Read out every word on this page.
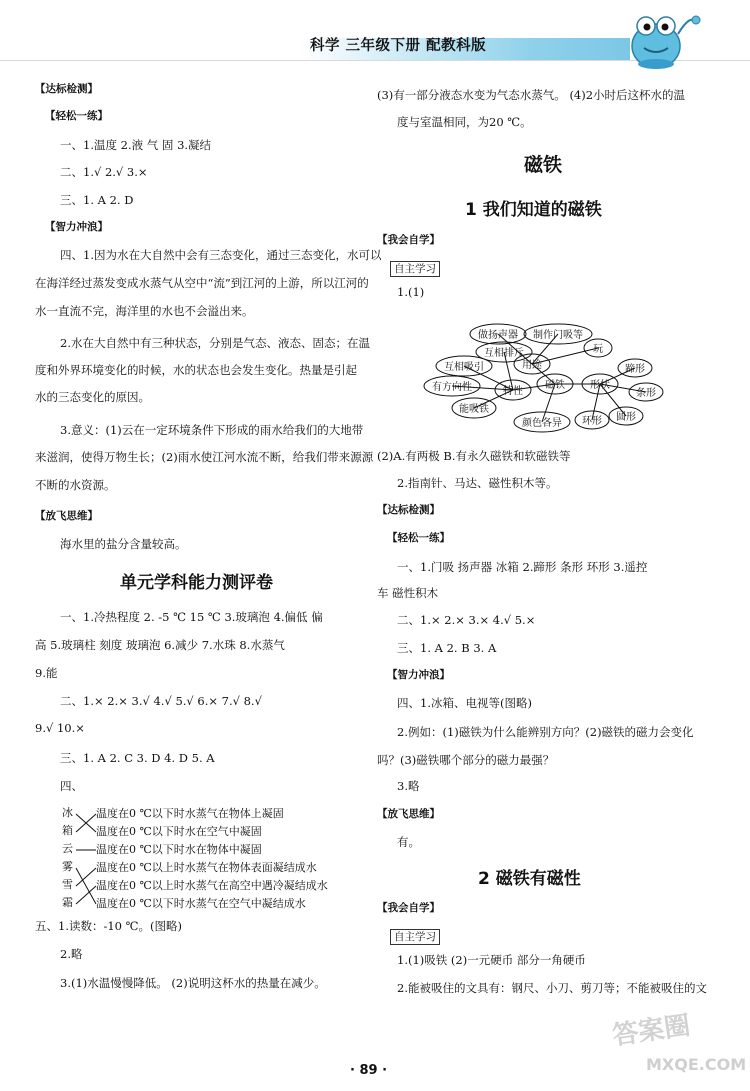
科学 三年级下册 配教科版
【达标检测】
【轻松一练】
一、1.温度 2.液 气 固 3.凝结
二、1.√ 2.√ 3.×
三、1. A 2. D
【智力冲浪】
四、1.因为水在大自然中会有三态变化，通过三态变化，水可以
在海洋经过蒸发变成水蒸气从空中“流”到江河的上游，所以江河的
水一直流不完，海洋里的水也不会溢出来。
2.水在大自然中有三种状态，分别是气态、液态、固态；在温
度和外界环境变化的时候，水的状态也会发生变化。热量是引起
水的三态变化的原因。
3.意义：(1)云在一定环境条件下形成的雨水给我们的大地带
来滋润，使得万物生长；(2)雨水使江河水流不断，给我们带来源源
不断的水资源。
【放飞思维】
海水里的盐分含量较高。
单元学科能力测评卷
一、1.冷热程度 2. -5 ℃ 15 ℃ 3.玻璃泡 4.偏低 偏
高 5.玻璃柱 刻度 玻璃泡 6.减少 7.水珠 8.水蒸气
9.能
二、1.× 2.× 3.√ 4.√ 5.√ 6.× 7.√ 8.√
9.√ 10.×
三、1. A 2. C 3. D 4. D 5. A
四、
冰
箱
云
雾
雪
霜
温度在0 ℃以下时水蒸气在物体上凝固
温度在0 ℃以下时水在空气中凝固
温度在0 ℃以下时水在物体中凝固
温度在0 ℃以上时水蒸气在物体表面凝结成水
温度在0 ℃以上时水蒸气在高空中遇冷凝结成水
温度在0 ℃以下时水蒸气在空气中凝结成水
五、1.读数：-10 ℃。(图略)
2.略
3.(1)水温慢慢降低。 (2)说明这杯水的热量在减少。
(3)有一部分液态水变为气态水蒸气。 (4)2小时后这杯水的温
度与室温相同，为20 ℃。
磁铁
1 我们知道的磁铁
【我会自学】
自主学习
1.(1)
磁铁
用途
特性
形状
做扬声器 制作门吸等
玩
互相排斥
互相吸引
有方向性
能吸铁
颜色各异
蹄形
条形
圆形
环形
(2)A.有两极 B.有永久磁铁和软磁铁等
2.指南针、马达、磁性积木等。
【达标检测】
【轻松一练】
一、1.门吸 扬声器 冰箱 2.蹄形 条形 环形 3.遥控
车 磁性积木
二、1.× 2.× 3.× 4.√ 5.×
三、1. A 2. B 3. A
【智力冲浪】
四、1.冰箱、电视等(图略)
2.例如：(1)磁铁为什么能辨别方向？(2)磁铁的磁力会变化
吗？(3)磁铁哪个部分的磁力最强？
3.略
【放飞思维】
有。
2 磁铁有磁性
【我会自学】
自主学习
1.(1)吸铁 (2)一元硬币 部分一角硬币
2.能被吸住的文具有：钢尺、小刀、剪刀等；不能被吸住的文
· 89 ·
答案圈
MXQE.COM
